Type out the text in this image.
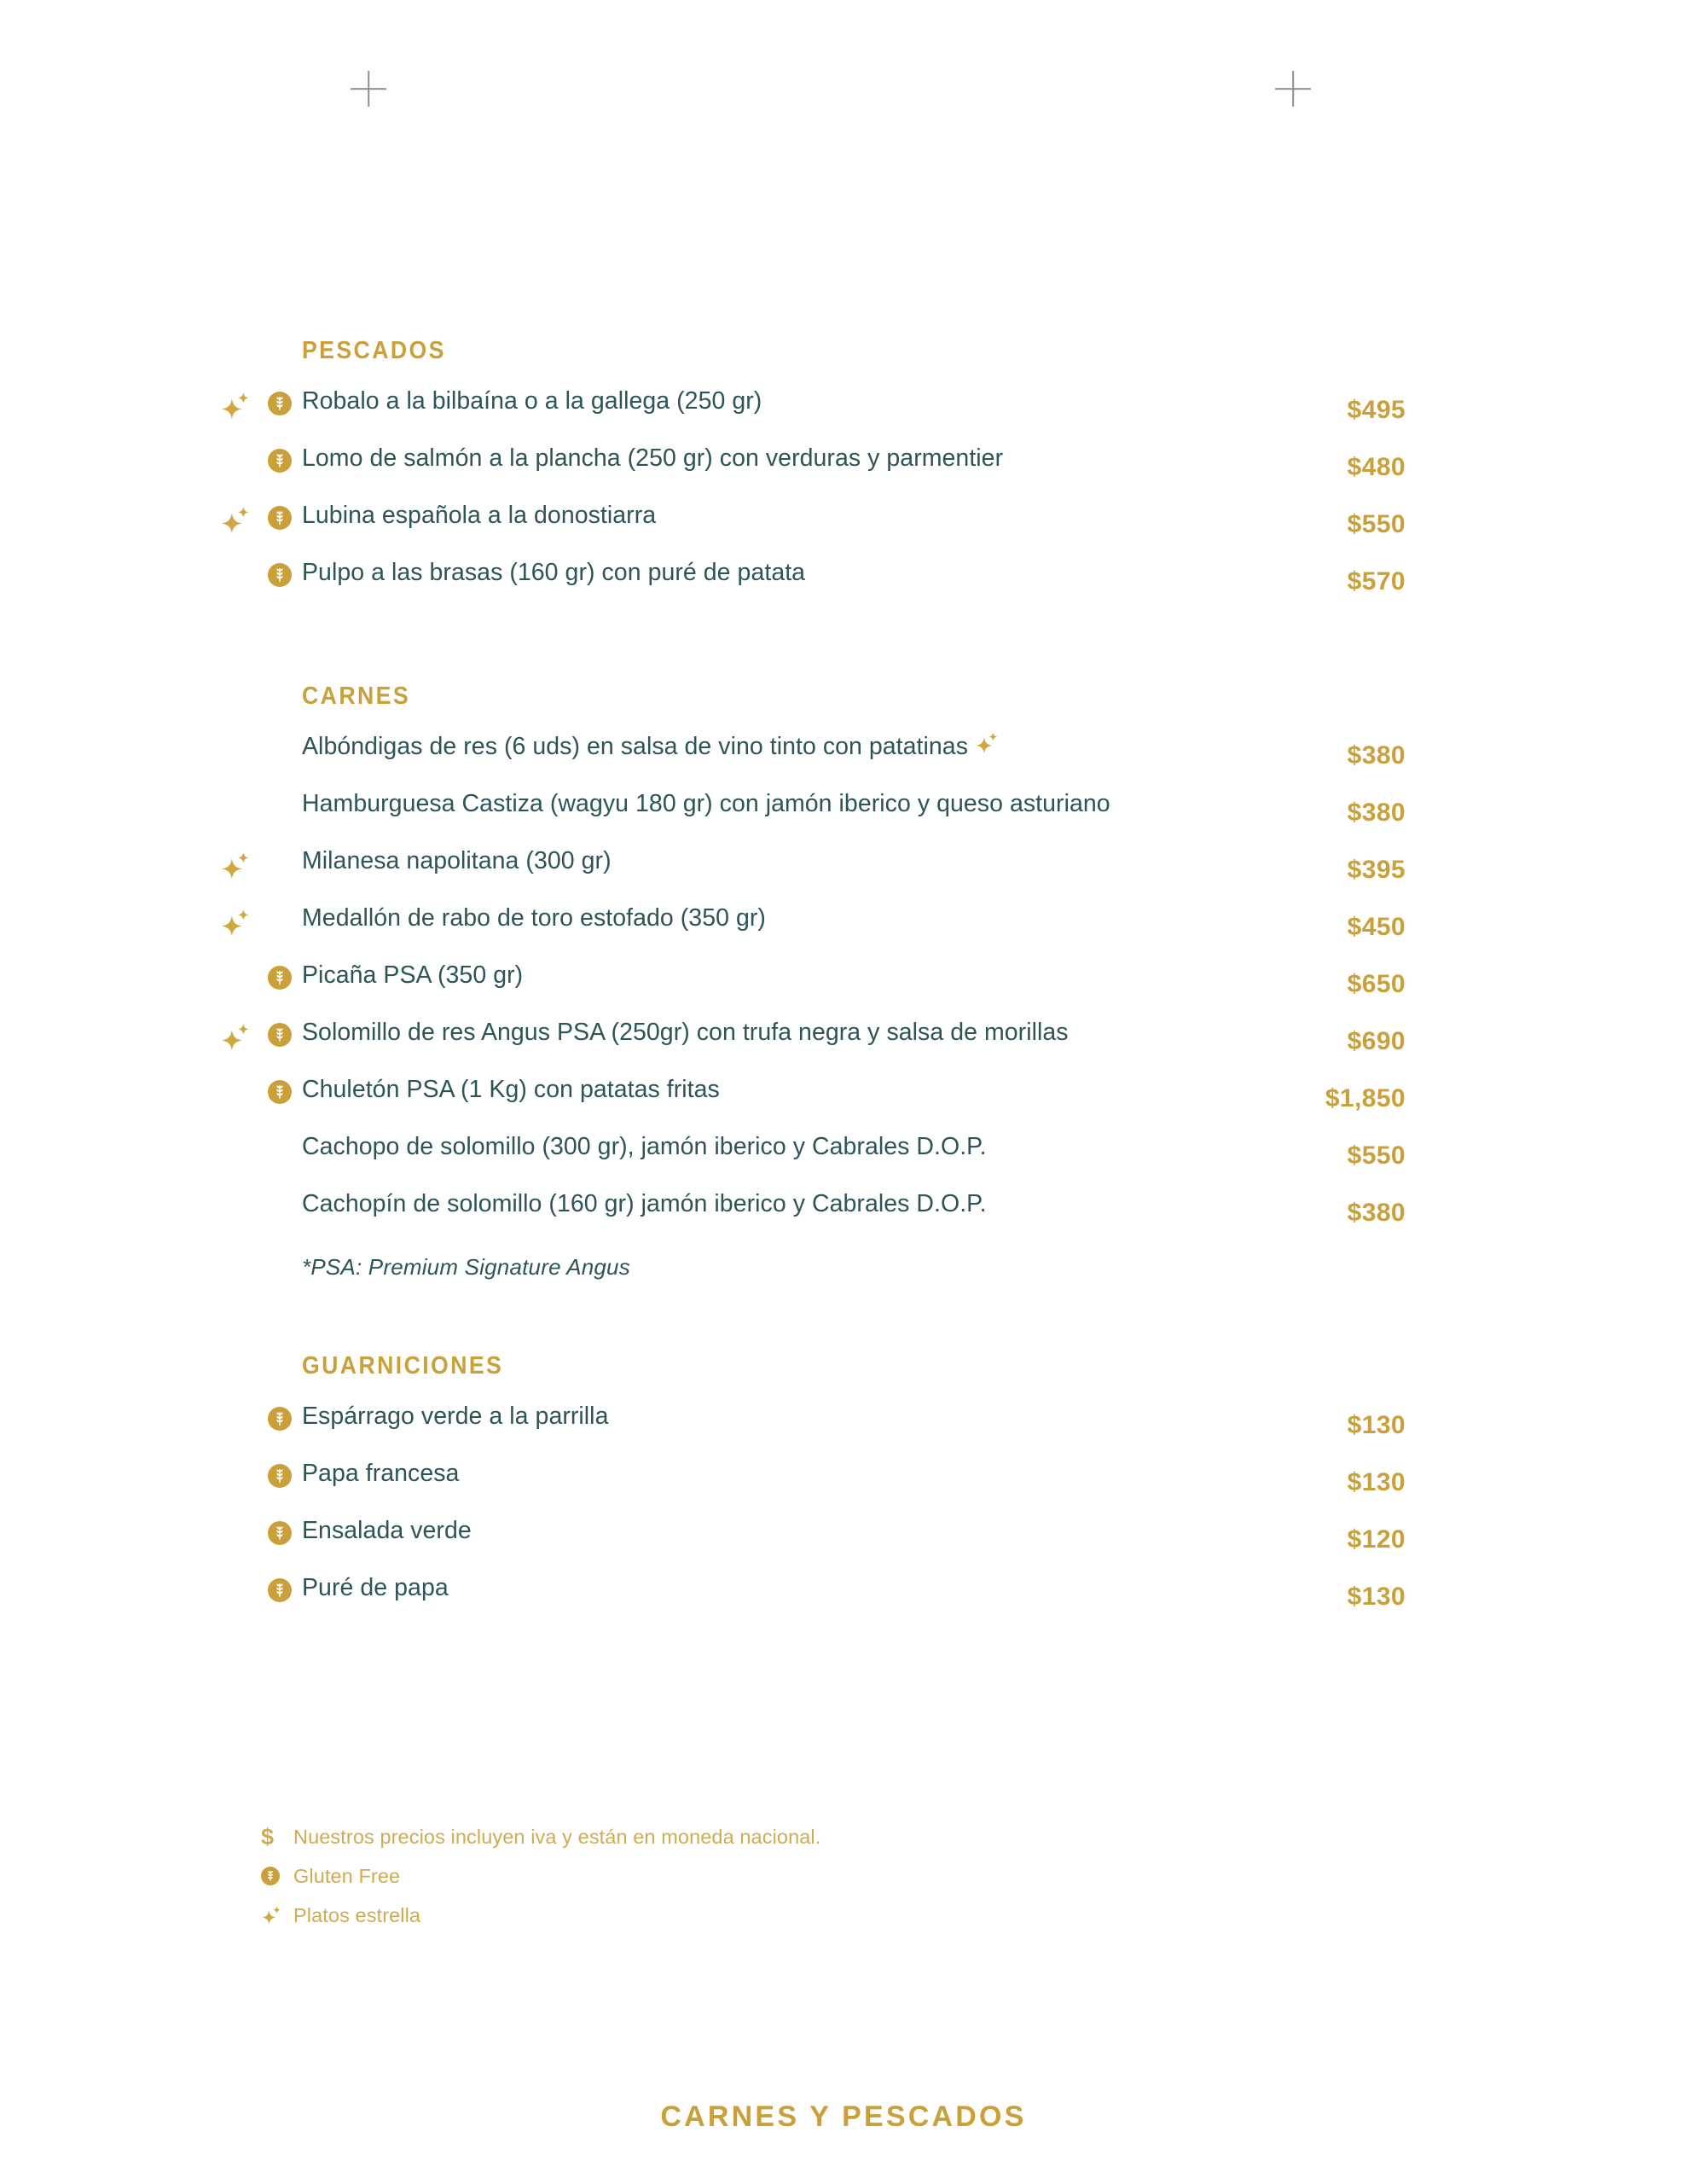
PESCADOS
Robalo a la bilbaína o a la gallega (250 gr)	$495
Lomo de salmón a la plancha (250 gr) con verduras y parmentier	$480
Lubina española a la donostiarra	$550
Pulpo a las brasas (160 gr) con puré de patata	$570
CARNES
Albóndigas de res (6 uds) en salsa de vino tinto con patatinas	$380
Hamburguesa Castiza (wagyu 180 gr) con jamón iberico y queso asturiano	$380
Milanesa napolitana (300 gr)	$395
Medallón de rabo de toro estofado (350 gr)	$450
Picaña PSA (350 gr)	$650
Solomillo de res Angus PSA (250gr) con trufa negra y salsa de morillas	$690
Chuletón PSA (1 Kg) con patatas fritas	$1,850
Cachopo de solomillo (300 gr), jamón iberico y Cabrales D.O.P.	$550
Cachopín de solomillo (160 gr) jamón iberico y Cabrales D.O.P.	$380
*PSA: Premium Signature Angus
GUARNICIONES
Espárrago verde a la parrilla	$130
Papa francesa	$130
Ensalada verde	$120
Puré de papa	$130
$ Nuestros precios incluyen iva y están en moneda nacional.
Gluten Free
Platos estrella
CARNES Y PESCADOS
